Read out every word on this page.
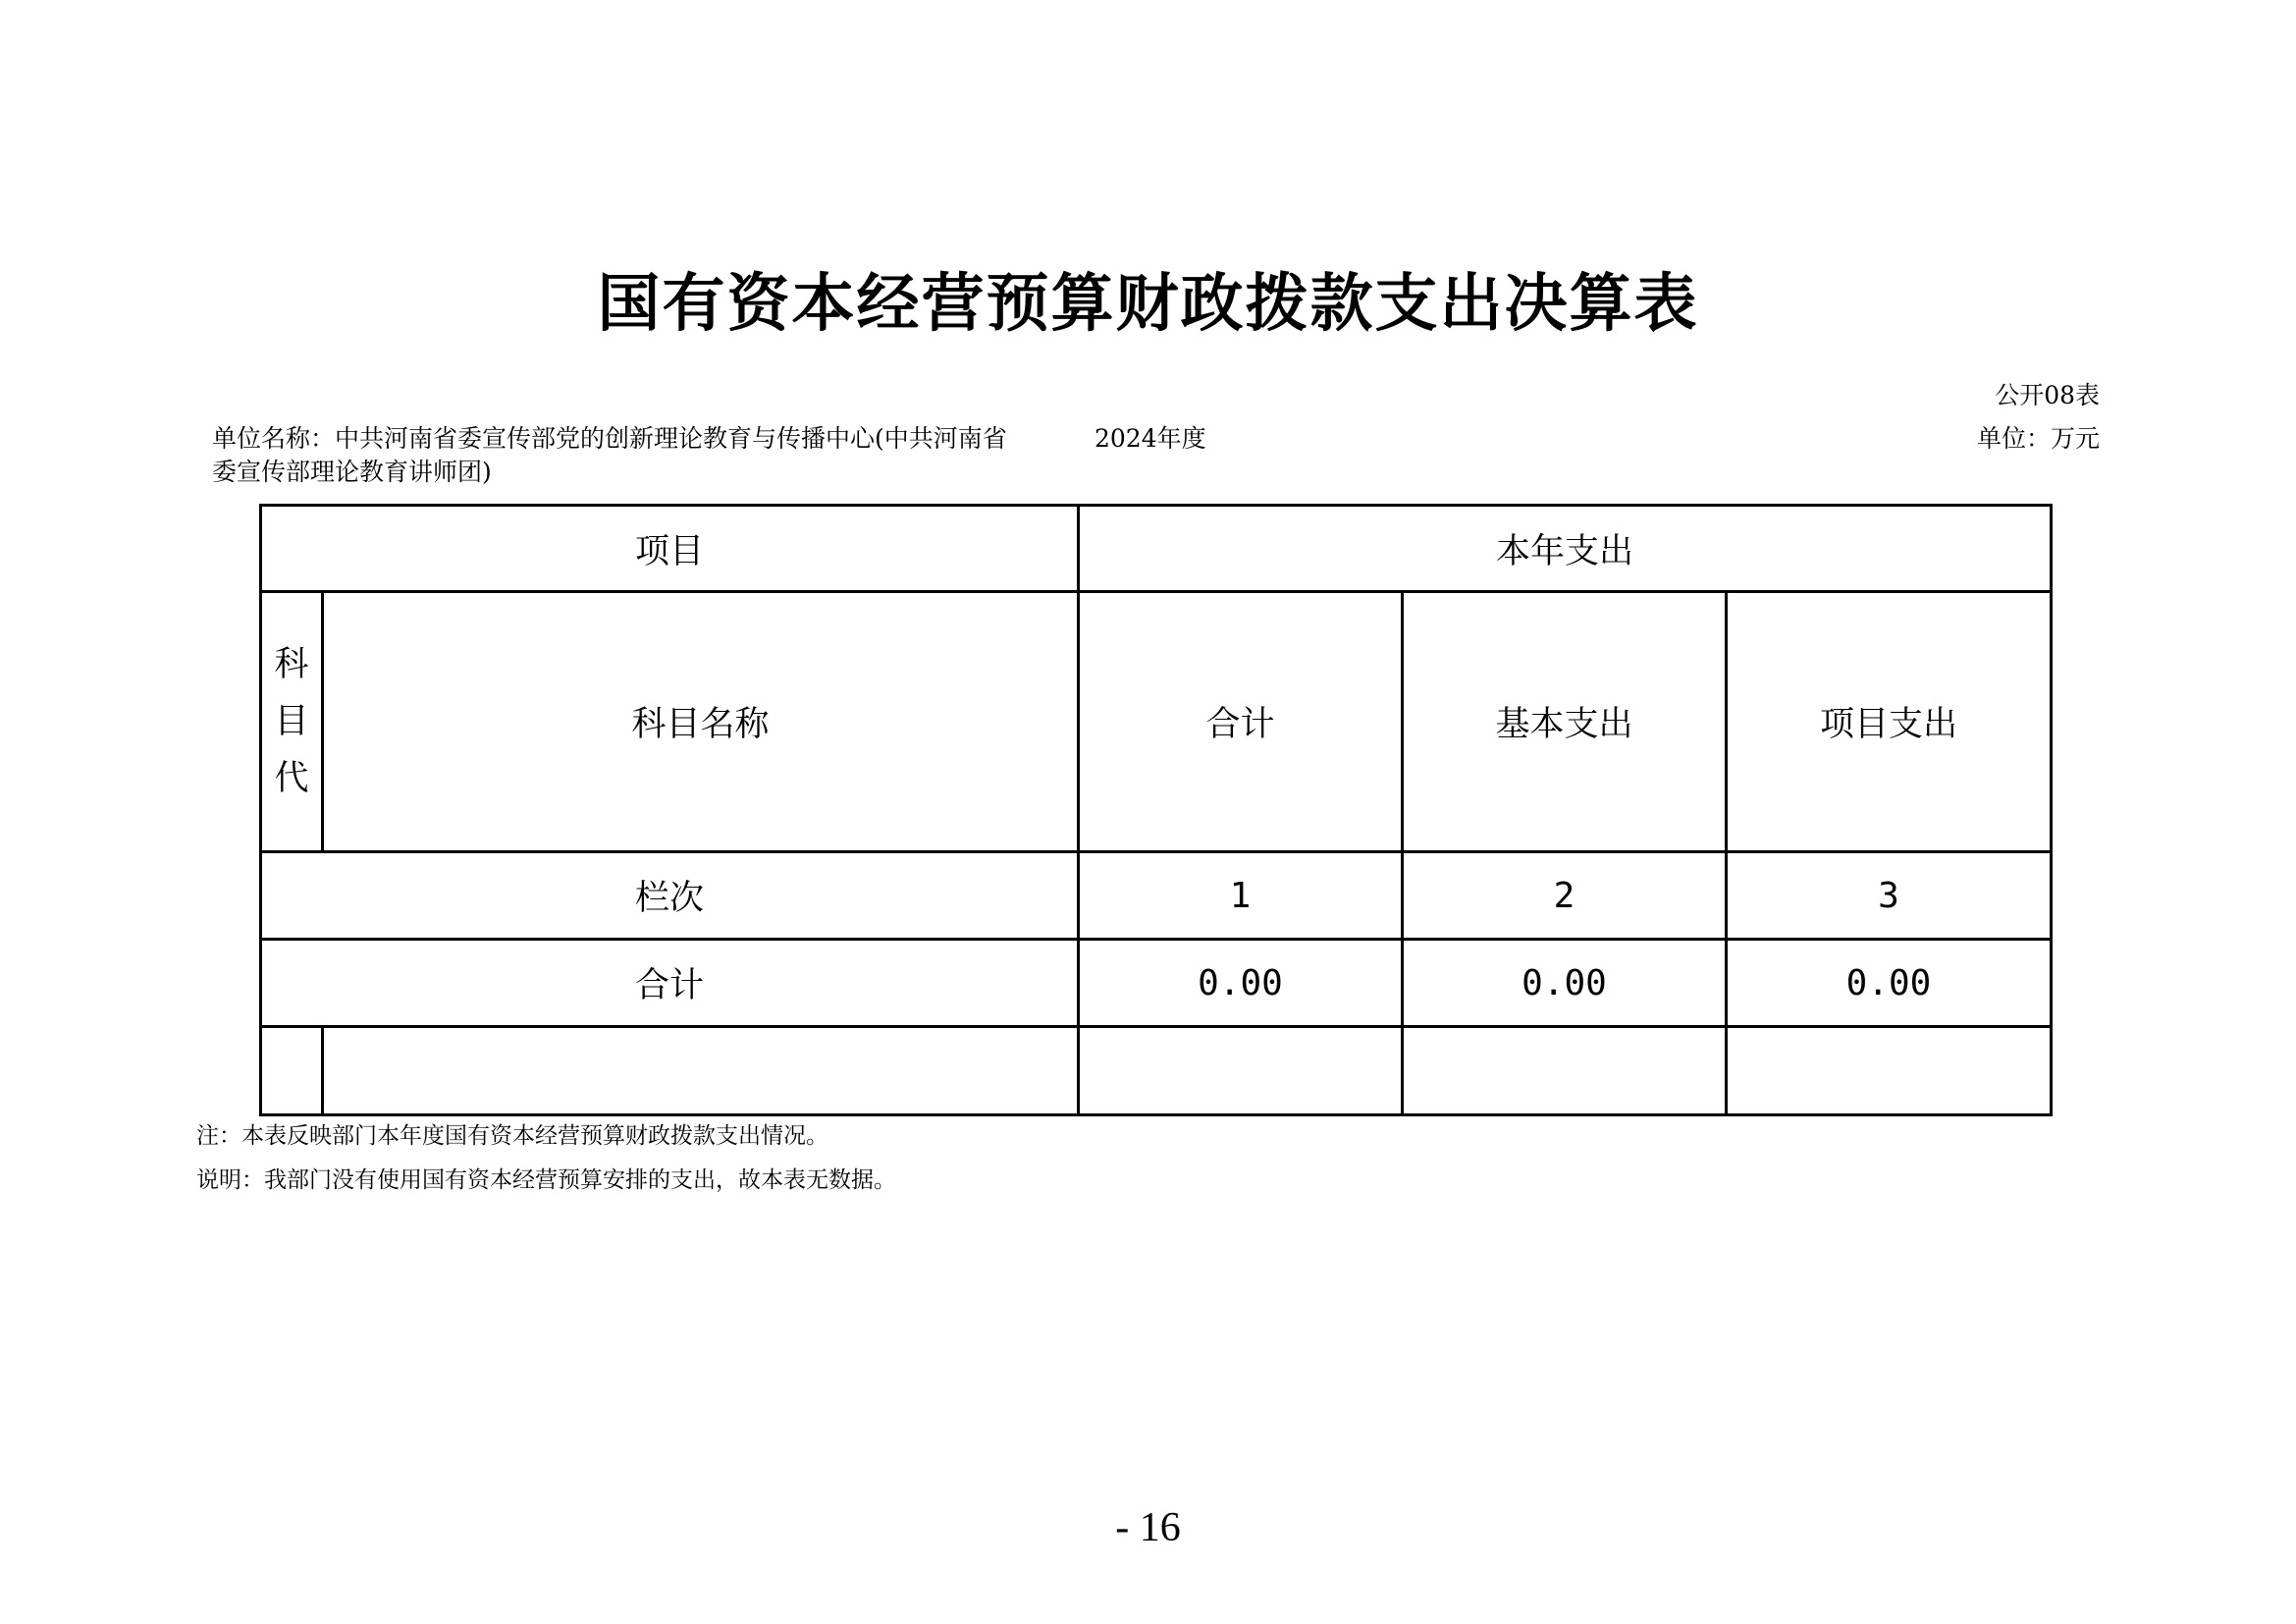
国有资本经营预算财政拨款支出决算表
公开08表
单位名称：中共河南省委宣传部党的创新理论教育与传播中心(中共河南省委宣传部理论教育讲师团)
2024年度	单位：万元
项目		本年支出		

科
目
代	科目名称	合计	基本支出	项目支出
栏次		1	2	3
合计		0.00	0.00	0.00

注：本表反映部门本年度国有资本经营预算财政拨款支出情况。
说明：我部门没有使用国有资本经营预算安排的支出，故本表无数据。
- 16
